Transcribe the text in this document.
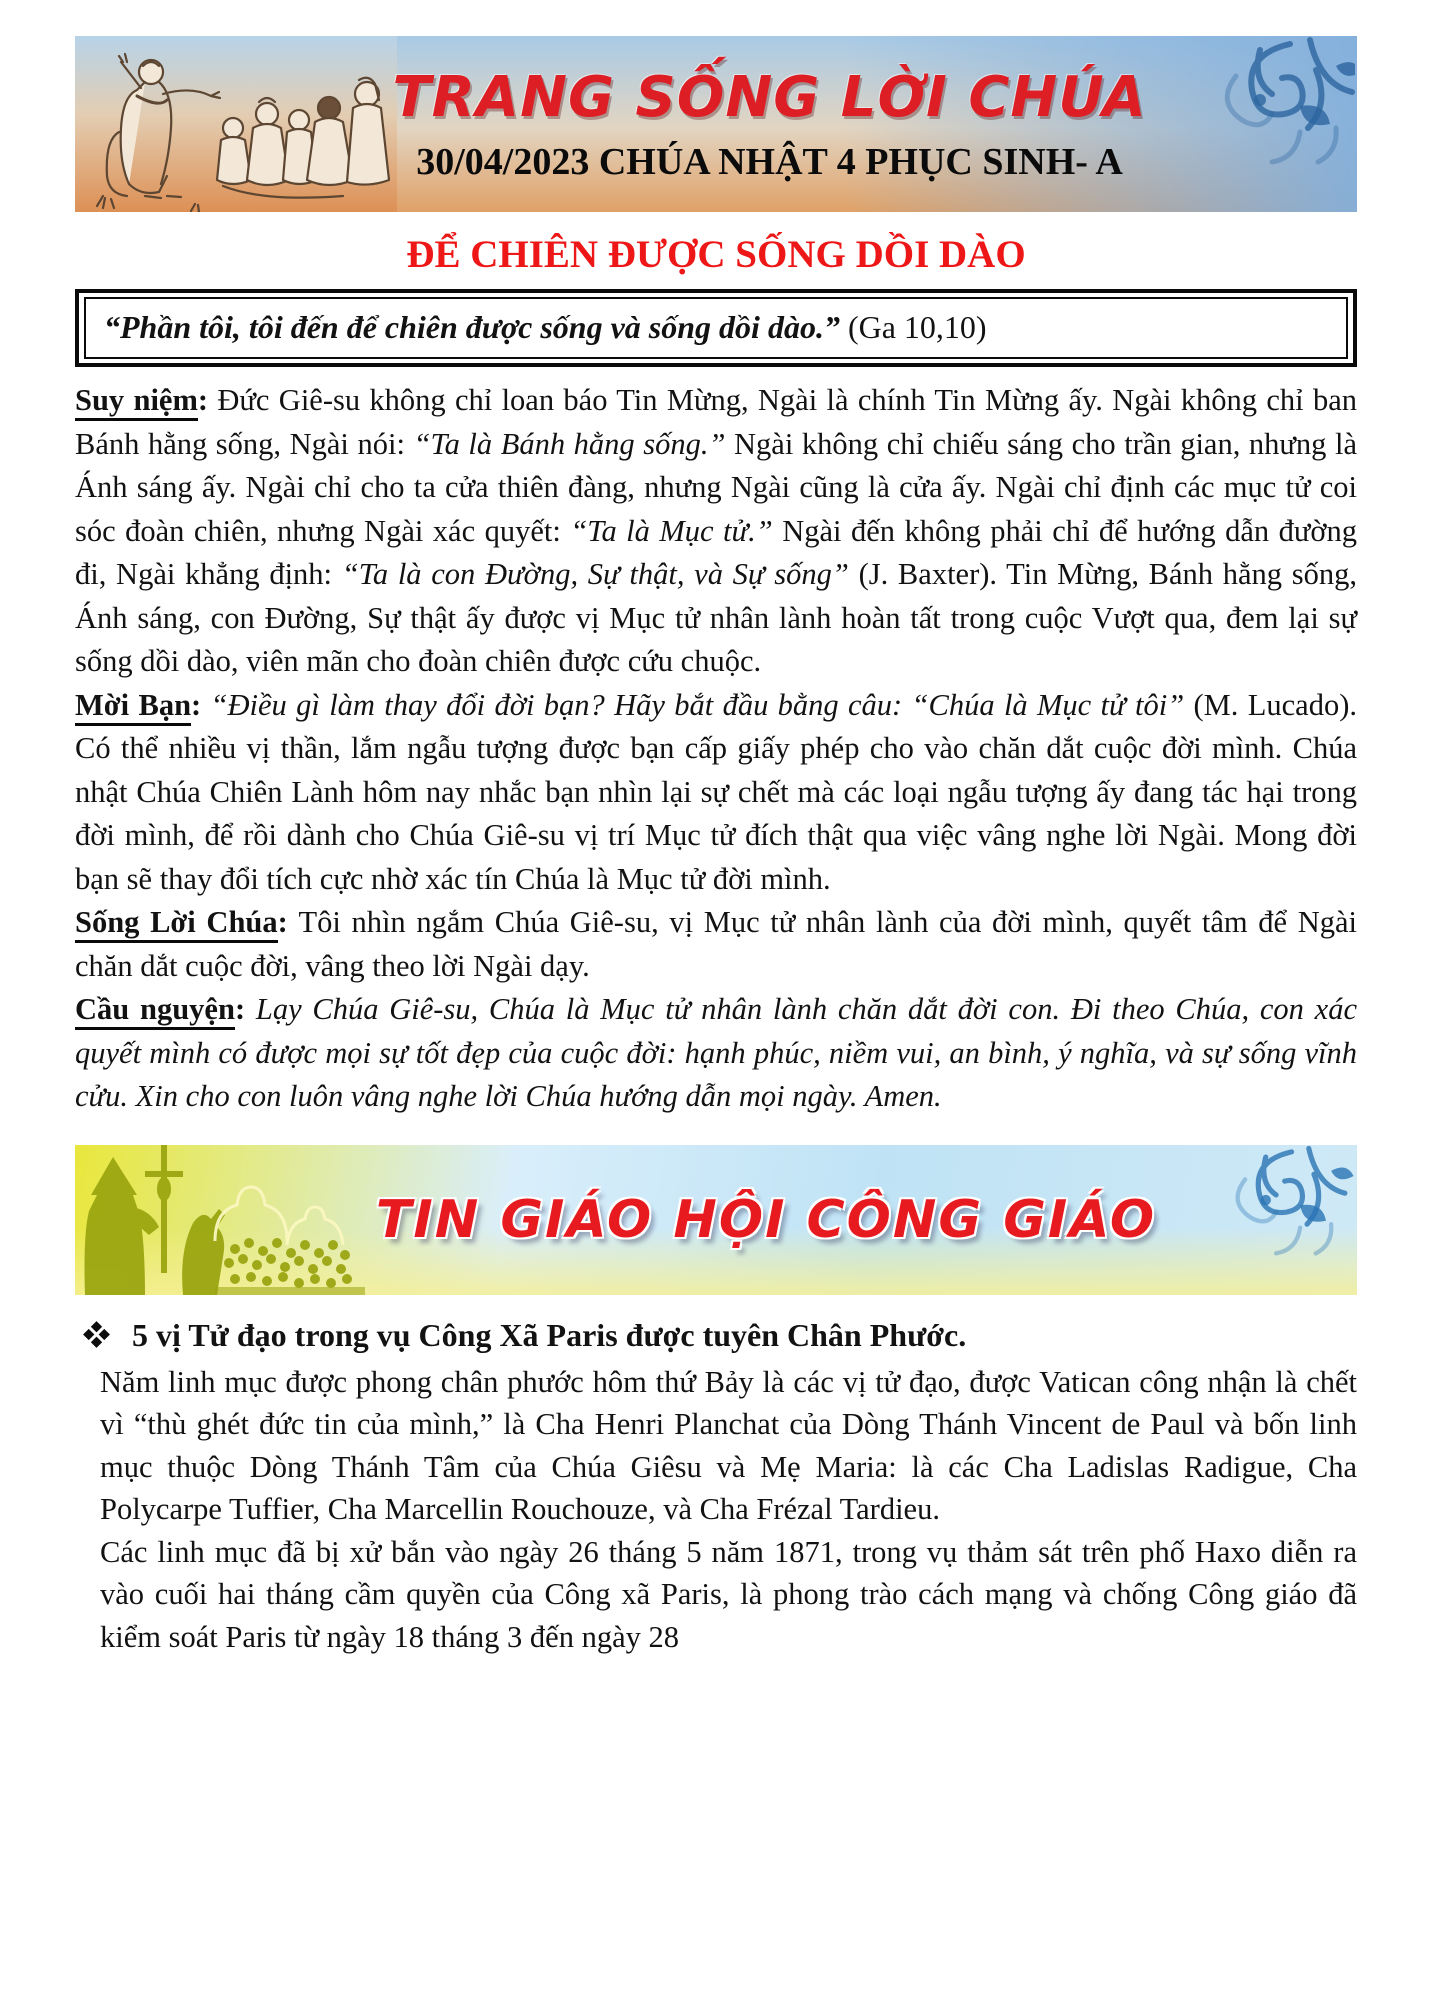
TRANG SỐNG LỜI CHÚA
30/04/2023 CHÚA NHẬT 4 PHỤC SINH- A
ĐỂ CHIÊN ĐƯỢC SỐNG DỒI DÀO
“Phần tôi, tôi đến để chiên được sống và sống dồi dào.” (Ga 10,10)

Suy niệm: Đức Giê-su không chỉ loan báo Tin Mừng, Ngài là chính Tin Mừng ấy. Ngài không chỉ ban Bánh hằng sống, Ngài nói: “Ta là Bánh hằng sống.” Ngài không chỉ chiếu sáng cho trần gian, nhưng là Ánh sáng ấy. Ngài chỉ cho ta cửa thiên đàng, nhưng Ngài cũng là cửa ấy. Ngài chỉ định các mục tử coi sóc đoàn chiên, nhưng Ngài xác quyết: “Ta là Mục tử.” Ngài đến không phải chỉ để hướng dẫn đường đi, Ngài khẳng định: “Ta là con Đường, Sự thật, và Sự sống” (J. Baxter). Tin Mừng, Bánh hằng sống, Ánh sáng, con Đường, Sự thật ấy được vị Mục tử nhân lành hoàn tất trong cuộc Vượt qua, đem lại sự sống dồi dào, viên mãn cho đoàn chiên được cứu chuộc.

Mời Bạn: “Điều gì làm thay đổi đời bạn? Hãy bắt đầu bằng câu: “Chúa là Mục tử tôi” (M. Lucado). Có thể nhiều vị thần, lắm ngẫu tượng được bạn cấp giấy phép cho vào chăn dắt cuộc đời mình. Chúa nhật Chúa Chiên Lành hôm nay nhắc bạn nhìn lại sự chết mà các loại ngẫu tượng ấy đang tác hại trong đời mình, để rồi dành cho Chúa Giê-su vị trí Mục tử đích thật qua việc vâng nghe lời Ngài. Mong đời bạn sẽ thay đổi tích cực nhờ xác tín Chúa là Mục tử đời mình.

Sống Lời Chúa: Tôi nhìn ngắm Chúa Giê-su, vị Mục tử nhân lành của đời mình, quyết tâm để Ngài chăn dắt cuộc đời, vâng theo lời Ngài dạy.

Cầu nguyện: Lạy Chúa Giê-su, Chúa là Mục tử nhân lành chăn dắt đời con. Đi theo Chúa, con xác quyết mình có được mọi sự tốt đẹp của cuộc đời: hạnh phúc, niềm vui, an bình, ý nghĩa, và sự sống vĩnh cửu. Xin cho con luôn vâng nghe lời Chúa hướng dẫn mọi ngày. Amen.

TIN GIÁO HỘI CÔNG GIÁO
5 vị Tử đạo trong vụ Công Xã Paris được tuyên Chân Phước.

Năm linh mục được phong chân phước hôm thứ Bảy là các vị tử đạo, được Vatican công nhận là chết vì “thù ghét đức tin của mình,” là Cha Henri Planchat của Dòng Thánh Vincent de Paul và bốn linh mục thuộc Dòng Thánh Tâm của Chúa Giêsu và Mẹ Maria: là các Cha Ladislas Radigue, Cha Polycarpe Tuffier, Cha Marcellin Rouchouze, và Cha Frézal Tardieu.

Các linh mục đã bị xử bắn vào ngày 26 tháng 5 năm 1871, trong vụ thảm sát trên phố Haxo diễn ra vào cuối hai tháng cầm quyền của Công xã Paris, là phong trào cách mạng và chống Công giáo đã kiểm soát Paris từ ngày 18 tháng 3 đến ngày 28
